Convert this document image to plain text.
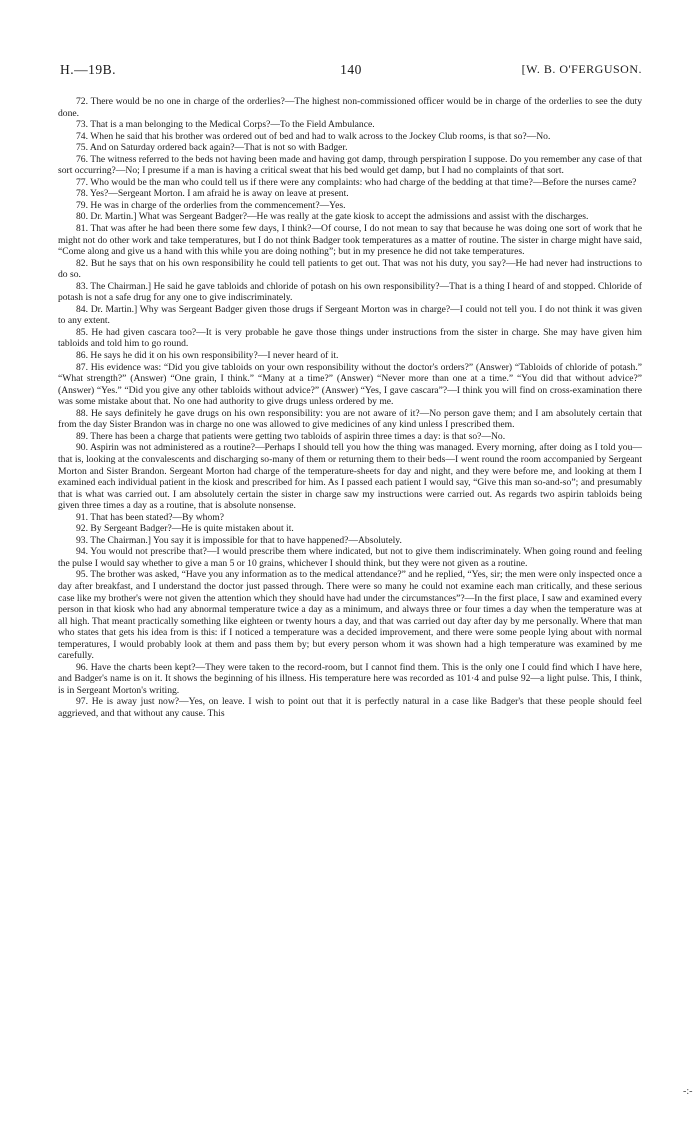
H.—19B.	140	[W. B. O'FERGUSON.

72. There would be no one in charge of the orderlies?—The highest non-commissioned officer would be in charge of the orderlies to see the duty done.

73. That is a man belonging to the Medical Corps?—To the Field Ambulance.

74. When he said that his brother was ordered out of bed and had to walk across to the Jockey Club rooms, is that so?—No.

75. And on Saturday ordered back again?—That is not so with Badger.

76. The witness referred to the beds not having been made and having got damp, through perspiration I suppose. Do you remember any case of that sort occurring?—No; I presume if a man is having a critical sweat that his bed would get damp, but I had no complaints of that sort.

77. Who would be the man who could tell us if there were any complaints: who had charge of the bedding at that time?—Before the nurses came?

78. Yes?—Sergeant Morton. I am afraid he is away on leave at present.

79. He was in charge of the orderlies from the commencement?—Yes.

80. Dr. Martin.] What was Sergeant Badger?—He was really at the gate kiosk to accept the admissions and assist with the discharges.

81. That was after he had been there some few days, I think?—Of course, I do not mean to say that because he was doing one sort of work that he might not do other work and take temperatures, but I do not think Badger took temperatures as a matter of routine. The sister in charge might have said, “Come along and give us a hand with this while you are doing nothing”; but in my presence he did not take temperatures.

82. But he says that on his own responsibility he could tell patients to get out. That was not his duty, you say?—He had never had instructions to do so.

83. The Chairman.] He said he gave tabloids and chloride of potash on his own responsibility?—That is a thing I heard of and stopped. Chloride of potash is not a safe drug for any one to give indiscriminately.

84. Dr. Martin.] Why was Sergeant Badger given those drugs if Sergeant Morton was in charge?—I could not tell you. I do not think it was given to any extent.

85. He had given cascara too?—It is very probable he gave those things under instructions from the sister in charge. She may have given him tabloids and told him to go round.

86. He says he did it on his own responsibility?—I never heard of it.

87. His evidence was: “Did you give tabloids on your own responsibility without the doctor's orders?” (Answer) “Tabloids of chloride of potash.” “What strength?” (Answer) “One grain, I think.” “Many at a time?” (Answer) “Never more than one at a time.” “You did that without advice?” (Answer) “Yes.” “Did you give any other tabloids without advice?” (Answer) “Yes, I gave cascara”?—I think you will find on cross-examination there was some mistake about that. No one had authority to give drugs unless ordered by me.

88. He says definitely he gave drugs on his own responsibility: you are not aware of it?—No person gave them; and I am absolutely certain that from the day Sister Brandon was in charge no one was allowed to give medicines of any kind unless I prescribed them.

89. There has been a charge that patients were getting two tabloids of aspirin three times a day: is that so?—No.

90. Aspirin was not administered as a routine?—Perhaps I should tell you how the thing was managed. Every morning, after doing as I told you—that is, looking at the convalescents and discharging so-many of them or returning them to their beds—I went round the room accompanied by Sergeant Morton and Sister Brandon. Sergeant Morton had charge of the temperature-sheets for day and night, and they were before me, and looking at them I examined each individual patient in the kiosk and prescribed for him. As I passed each patient I would say, “Give this man so-and-so”; and presumably that is what was carried out. I am absolutely certain the sister in charge saw my instructions were carried out. As regards two aspirin tabloids being given three times a day as a routine, that is absolute nonsense.

91. That has been stated?—By whom?

92. By Sergeant Badger?—He is quite mistaken about it.

93. The Chairman.] You say it is impossible for that to have happened?—Absolutely.

94. You would not prescribe that?—I would prescribe them where indicated, but not to give them indiscriminately. When going round and feeling the pulse I would say whether to give a man 5 or 10 grains, whichever I should think, but they were not given as a routine.

95. The brother was asked, “Have you any information as to the medical attendance?” and he replied, “Yes, sir; the men were only inspected once a day after breakfast, and I understand the doctor just passed through. There were so many he could not examine each man critically, and these serious case like my brother's were not given the attention which they should have had under the circumstances”?—In the first place, I saw and examined every person in that kiosk who had any abnormal temperature twice a day as a minimum, and always three or four times a day when the temperature was at all high. That meant practically something like eighteen or twenty hours a day, and that was carried out day after day by me personally. Where that man who states that gets his idea from is this: if I noticed a temperature was a decided improvement, and there were some people lying about with normal temperatures, I would probably look at them and pass them by; but every person whom it was shown had a high temperature was examined by me carefully.

96. Have the charts been kept?—They were taken to the record-room, but I cannot find them. This is the only one I could find which I have here, and Badger's name is on it. It shows the beginning of his illness. His temperature here was recorded as 101·4 and pulse 92—a light pulse. This, I think, is in Sergeant Morton's writing.

97. He is away just now?—Yes, on leave. I wish to point out that it is perfectly natural in a case like Badger's that these people should feel aggrieved, and that without any cause. This

-:-
